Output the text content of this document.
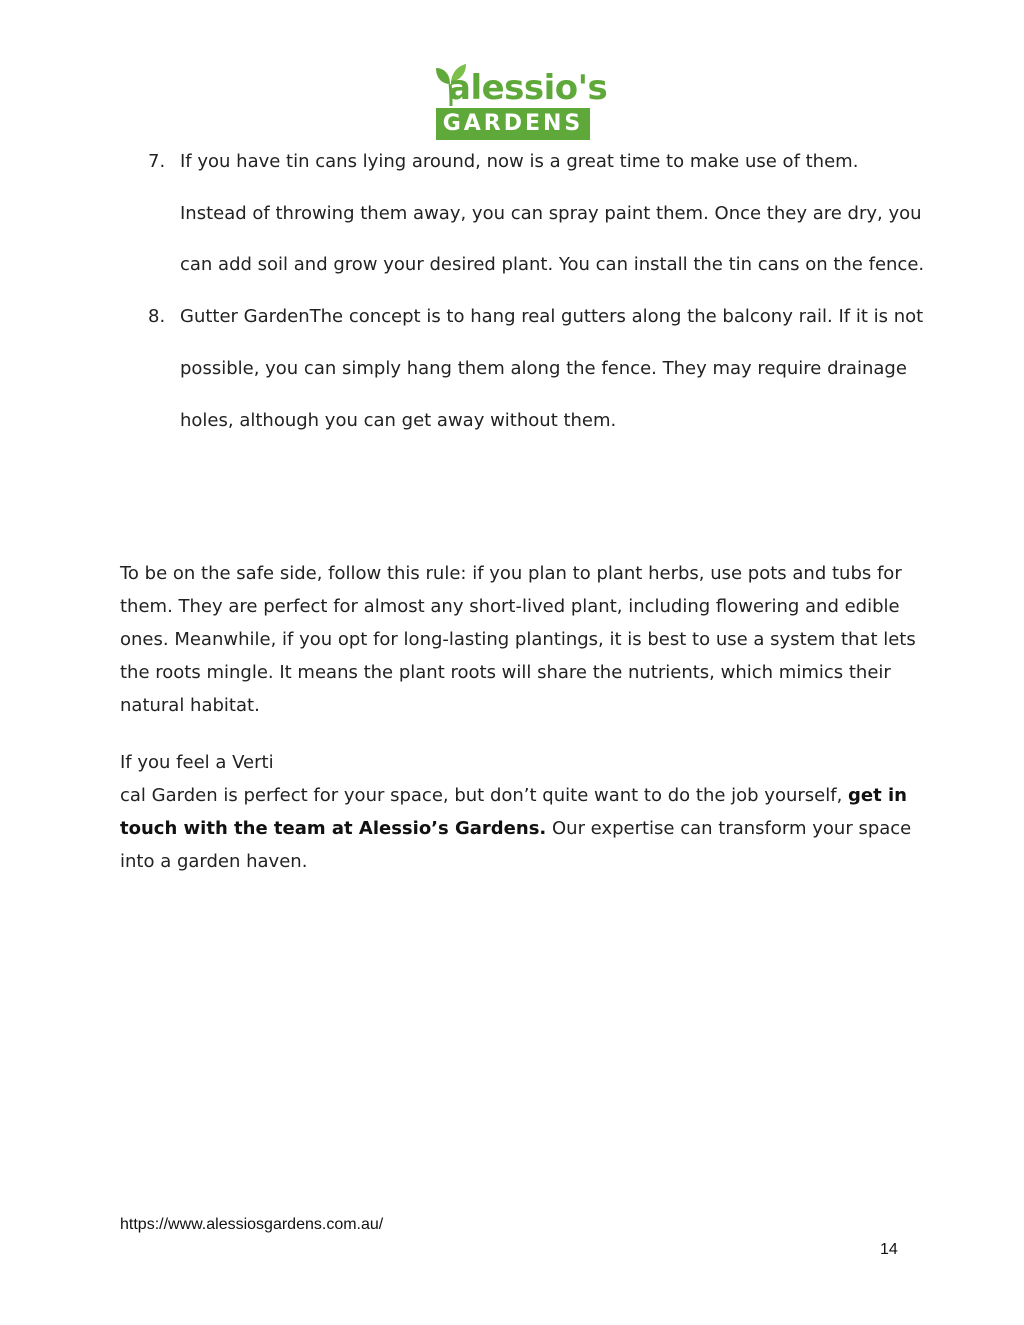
alessio's
GARDENS
7. If you have tin cans lying around, now is a great time to make use of them. Instead of throwing them away, you can spray paint them. Once they are dry, you can add soil and grow your desired plant. You can install the tin cans on the fence.
8. Gutter GardenThe concept is to hang real gutters along the balcony rail. If it is not possible, you can simply hang them along the fence. They may require drainage holes, although you can get away without them.

To be on the safe side, follow this rule: if you plan to plant herbs, use pots and tubs for them. They are perfect for almost any short-lived plant, including flowering and edible ones. Meanwhile, if you opt for long-lasting plantings, it is best to use a system that lets the roots mingle. It means the plant roots will share the nutrients, which mimics their natural habitat.

If you feel a Verti
cal Garden is perfect for your space, but don’t quite want to do the job yourself, get in touch with the team at Alessio’s Gardens. Our expertise can transform your space into a garden haven.

https://www.alessiosgardens.com.au/
14
